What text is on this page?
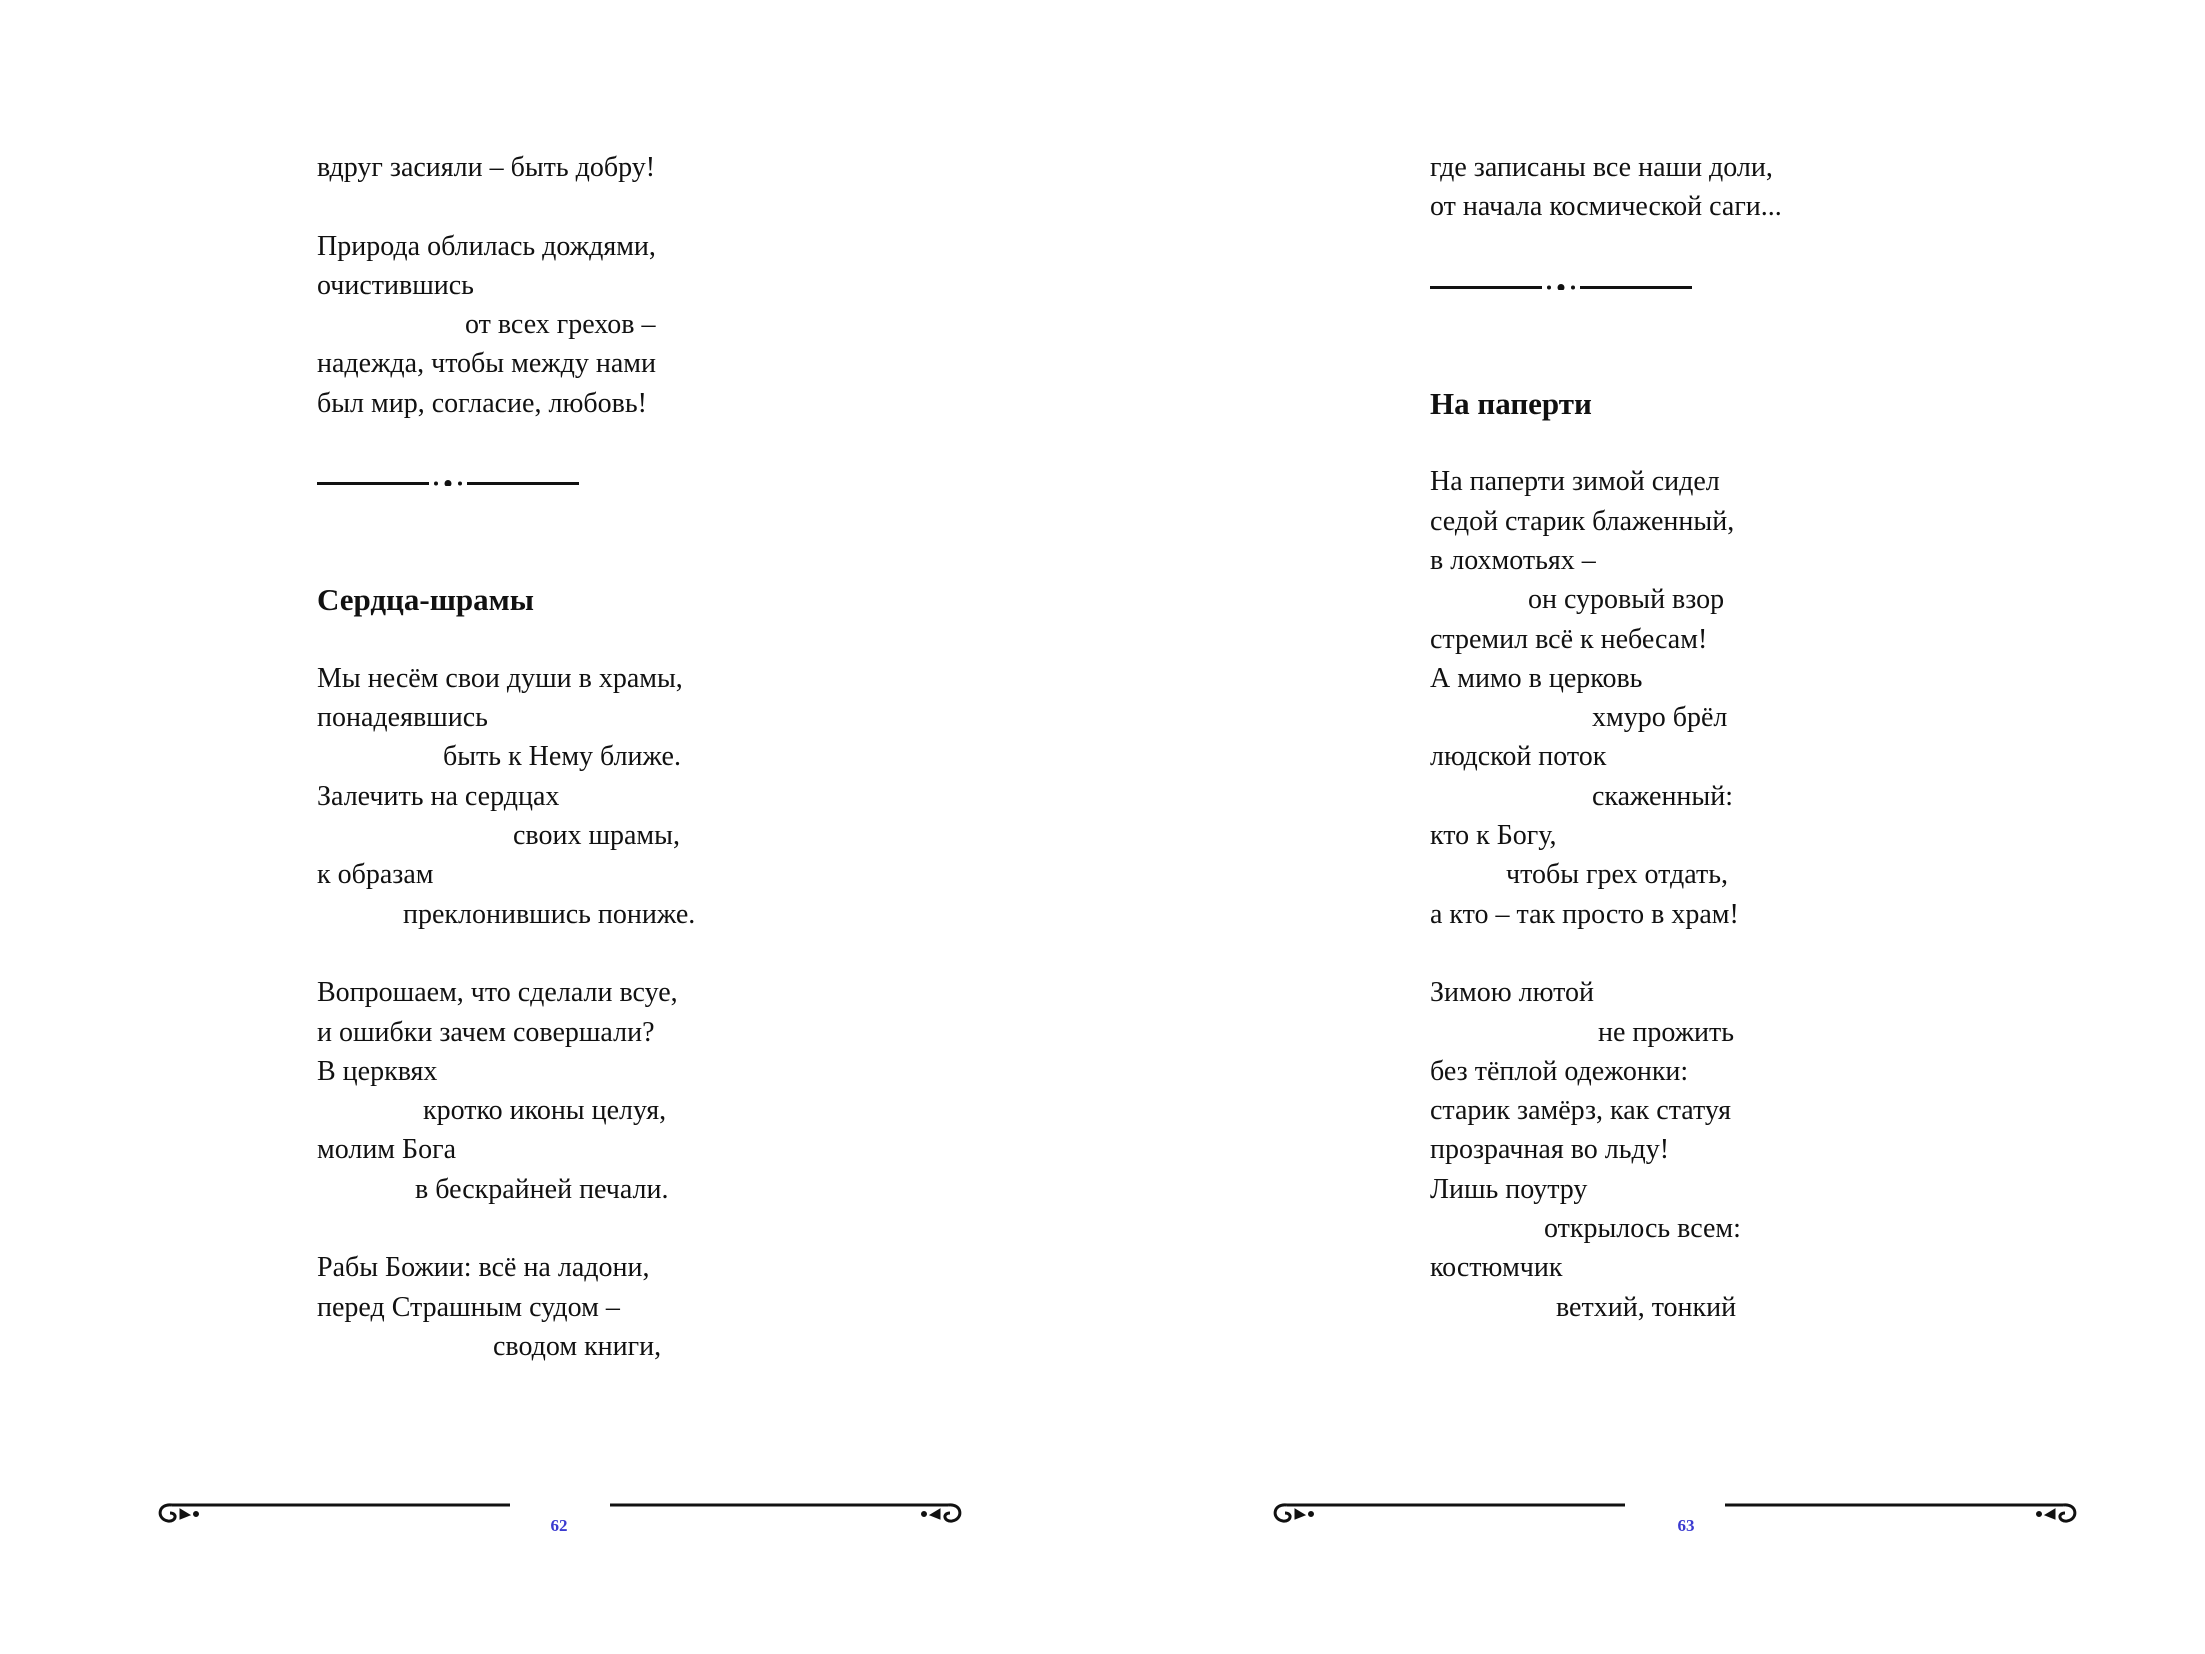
вдруг засияли – быть добру!
Природа облилась дождями,
очистившись
от всех грехов –
надежда, чтобы между нами
был мир, согласие, любовь!
Сердца-шрамы
Мы несём свои души в храмы,
понадеявшись
быть к Нему ближе.
Залечить на сердцах
своих шрамы,
к образам
преклонившись пониже.
Вопрошаем, что сделали всуе,
и ошибки зачем совершали?
В церквях
кротко иконы целуя,
молим Бога
в бескрайней печали.
Рабы Божии: всё на ладони,
перед Страшным судом –
сводом книги,
62
где записаны все наши доли,
от начала космической саги...
На паперти
На паперти зимой сидел
седой старик блаженный,
в лохмотьях –
он суровый взор
стремил всё к небесам!
А мимо в церковь
хмуро брёл
людской поток
скаженный:
кто к Богу,
чтобы грех отдать,
а кто – так просто в храм!
Зимою лютой
не прожить
без тёплой одежонки:
старик замёрз, как статуя
прозрачная во льду!
Лишь поутру
открылось всем:
костюмчик
ветхий, тонкий
63
